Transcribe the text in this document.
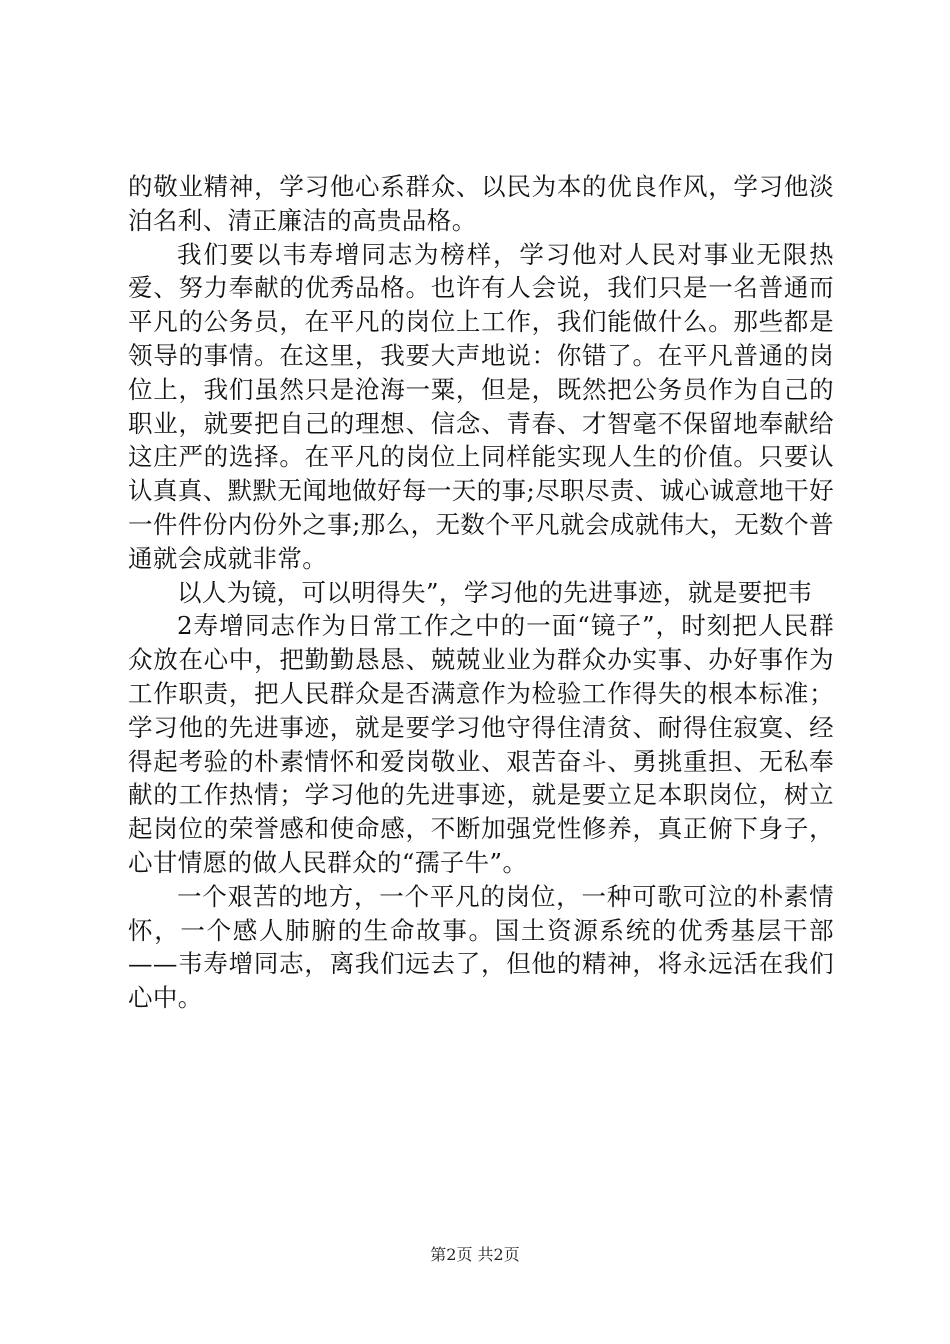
的敬业精神，学习他心系群众、以民为本的优良作风，学习他淡泊名利、清正廉洁的高贵品格。

我们要以韦寿增同志为榜样，学习他对人民对事业无限热爱、努力奉献的优秀品格。也许有人会说，我们只是一名普通而平凡的公务员，在平凡的岗位上工作，我们能做什么。那些都是领导的事情。在这里，我要大声地说：你错了。在平凡普通的岗位上，我们虽然只是沧海一粟，但是，既然把公务员作为自己的职业，就要把自己的理想、信念、青春、才智毫不保留地奉献给这庄严的选择。在平凡的岗位上同样能实现人生的价值。只要认认真真、默默无闻地做好每一天的事;尽职尽责、诚心诚意地干好一件件份内份外之事;那么，无数个平凡就会成就伟大，无数个普通就会成就非常。

以人为镜，可以明得失”，学习他的先进事迹，就是要把韦

2寿增同志作为日常工作之中的一面“镜子”，时刻把人民群众放在心中，把勤勤恳恳、兢兢业业为群众办实事、办好事作为工作职责，把人民群众是否满意作为检验工作得失的根本标准；学习他的先进事迹，就是要学习他守得住清贫、耐得住寂寞、经得起考验的朴素情怀和爱岗敬业、艰苦奋斗、勇挑重担、无私奉献的工作热情；学习他的先进事迹，就是要立足本职岗位，树立起岗位的荣誉感和使命感，不断加强党性修养，真正俯下身子，心甘情愿的做人民群众的“孺子牛”。

一个艰苦的地方，一个平凡的岗位，一种可歌可泣的朴素情怀，一个感人肺腑的生命故事。国土资源系统的优秀基层干部——韦寿增同志，离我们远去了，但他的精神，将永远活在我们心中。

第2页 共2页
